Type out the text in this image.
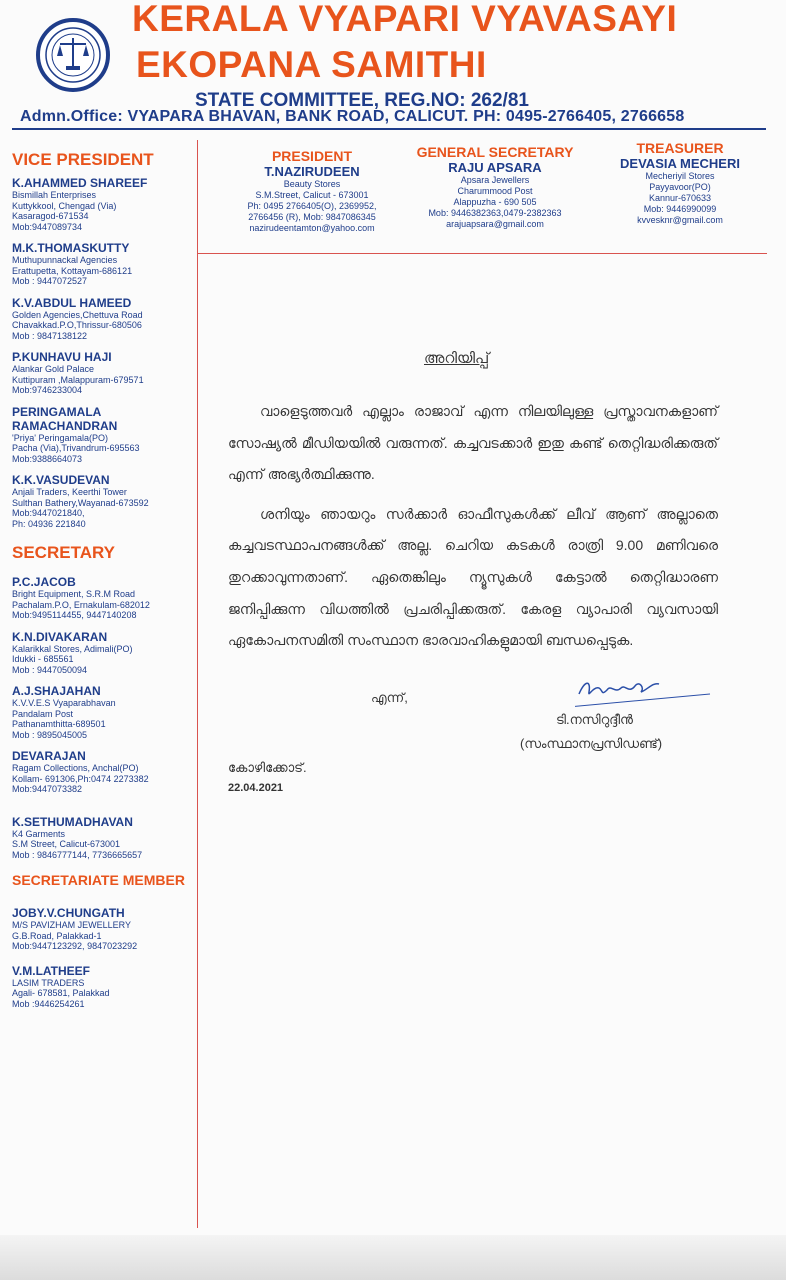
KERALA VYAPARI VYAVASAYI
EKOPANA SAMITHI
STATE COMMITTEE, REG.NO: 262/81
Admn.Office: VYAPARA BHAVAN, BANK ROAD, CALICUT. PH: 0495-2766405, 2766658
PRESIDENT
T.NAZIRUDEEN
Beauty Stores
S.M.Street, Calicut - 673001
Ph: 0495 2766405(O), 2369952,
2766456 (R), Mob: 9847086345
nazirudeentamton@yahoo.com
GENERAL SECRETARY
RAJU APSARA
Apsara Jewellers
Charummood Post
Alappuzha - 690 505
Mob: 9446382363,0479-2382363
arajuapsara@gmail.com
TREASURER
DEVASIA MECHERI
Mecheriyil Stores
Payyavoor(PO)
Kannur-670633
Mob: 9446990099
kvvesknr@gmail.com
VICE PRESIDENT
K.AHAMMED SHAREEF
Bismillah Enterprises
Kuttykkool, Chengad (Via)
Kasaragod-671534
Mob:9447089734
M.K.THOMASKUTTY
Muthupunnackal Agencies
Erattupetta, Kottayam-686121
Mob : 9447072527
K.V.ABDUL HAMEED
Golden Agencies,Chettuva Road
Chavakkad.P.O,Thrissur-680506
Mob : 9847138122
P.KUNHAVU HAJI
Alankar Gold Palace
Kuttipuram ,Malappuram-679571
Mob:9746233004
PERINGAMALA RAMACHANDRAN
'Priya' Peringamala(PO)
Pacha (Via),Trivandrum-695563
Mob:9388664073
K.K.VASUDEVAN
Anjali Traders, Keerthi Tower
Sulthan Bathery,Wayanad-673592
Mob:9447021840,
Ph: 04936 221840
SECRETARY
P.C.JACOB
Bright Equipment, S.R.M Road
Pachalam.P.O, Ernakulam-682012
Mob:9495114455, 9447140208
K.N.DIVAKARAN
Kalarikkal Stores, Adimali(PO)
Idukki - 685561
Mob : 9447050094
A.J.SHAJAHAN
K.V.V.E.S Vyaparabhavan
Pandalam Post
Pathanamthitta-689501
Mob : 9895045005
DEVARAJAN
Ragam Collections, Anchal(PO)
Kollam- 691306,Ph:0474 2273382
Mob:9447073382
K.SETHUMADHAVAN
K4 Garments
S.M Street, Calicut-673001
Mob : 9846777144, 7736665657
SECRETARIATE MEMBER
JOBY.V.CHUNGATH
M/S PAVIZHAM JEWELLERY
G.B.Road, Palakkad-1
Mob:9447123292, 9847023292
V.M.LATHEEF
LASIM TRADERS
Agali- 678581, Palakkad
Mob :9446254261
അറിയിപ്പ്

വാളെടുത്തവർ എല്ലാം രാജാവ് എന്ന നിലയിലുള്ള പ്രസ്താവനകളാണ് സോഷ്യൽ മീഡിയയിൽ വരുന്നത്. കച്ചവടക്കാർ ഇതു കണ്ട് തെറ്റിദ്ധരിക്കരുത് എന്ന് അഭ്യർത്ഥിക്കുന്നു.

ശനിയും ഞായറും സർക്കാർ ഓഫീസുകൾക്ക് ലീവ് ആണ് അല്ലാതെ കച്ചവടസ്ഥാപനങ്ങൾക്ക് അല്ല. ചെറിയ കടകൾ രാത്രി 9.00 മണിവരെ തുറക്കാവുന്നതാണ്. ഏതെങ്കിലും ന്യൂസുകൾ കേട്ടാൽ തെറ്റിദ്ധാരണ ജനിപ്പിക്കുന്ന വിധത്തിൽ പ്രചരിപ്പിക്കരുത്. കേരള വ്യാപാരി വ്യവസായി ഏകോപനസമിതി സംസ്ഥാന ഭാരവാഹികളുമായി ബന്ധപ്പെടുക.

എന്ന്,
ടി.നസിറുദ്ദീൻ
(സംസ്ഥാനപ്രസിഡണ്ട്)
കോഴിക്കോട്.
22.04.2021
